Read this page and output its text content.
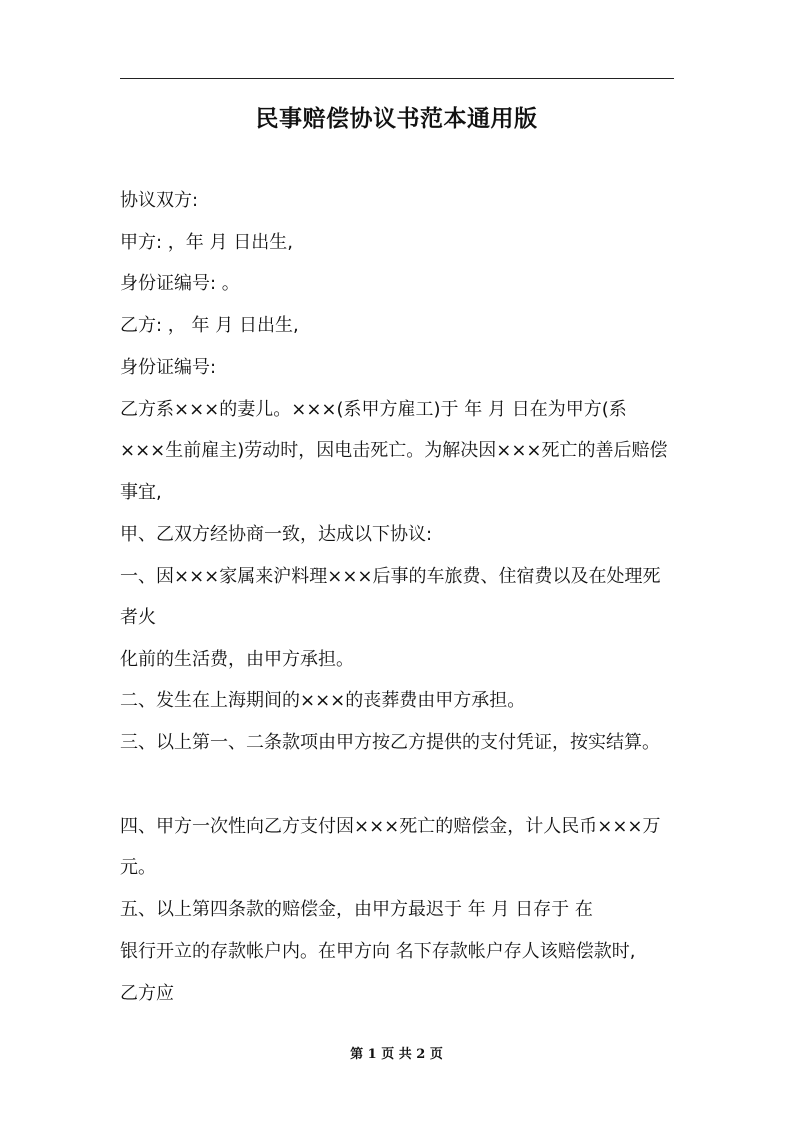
民事赔偿协议书范本通用版
协议双方:
甲方: ，年 月 日出生,
身份证编号: 。
乙方: ， 年 月 日出生,
身份证编号:
乙方系×××的妻儿。×××(系甲方雇工)于 年 月 日在为甲方(系
×××生前雇主)劳动时，因电击死亡。为解决因×××死亡的善后赔偿
事宜,
甲、乙双方经协商一致，达成以下协议:
一、因×××家属来沪料理×××后事的车旅费、住宿费以及在处理死
者火
化前的生活费，由甲方承担。
二、发生在上海期间的×××的丧葬费由甲方承担。
三、以上第一、二条款项由甲方按乙方提供的支付凭证，按实结算。
四、甲方一次性向乙方支付因×××死亡的赔偿金，计人民币×××万
元。
五、以上第四条款的赔偿金，由甲方最迟于 年 月 日存于 在
银行开立的存款帐户内。在甲方向 名下存款帐户存人该赔偿款时,
乙方应
第 1 页 共 2 页
